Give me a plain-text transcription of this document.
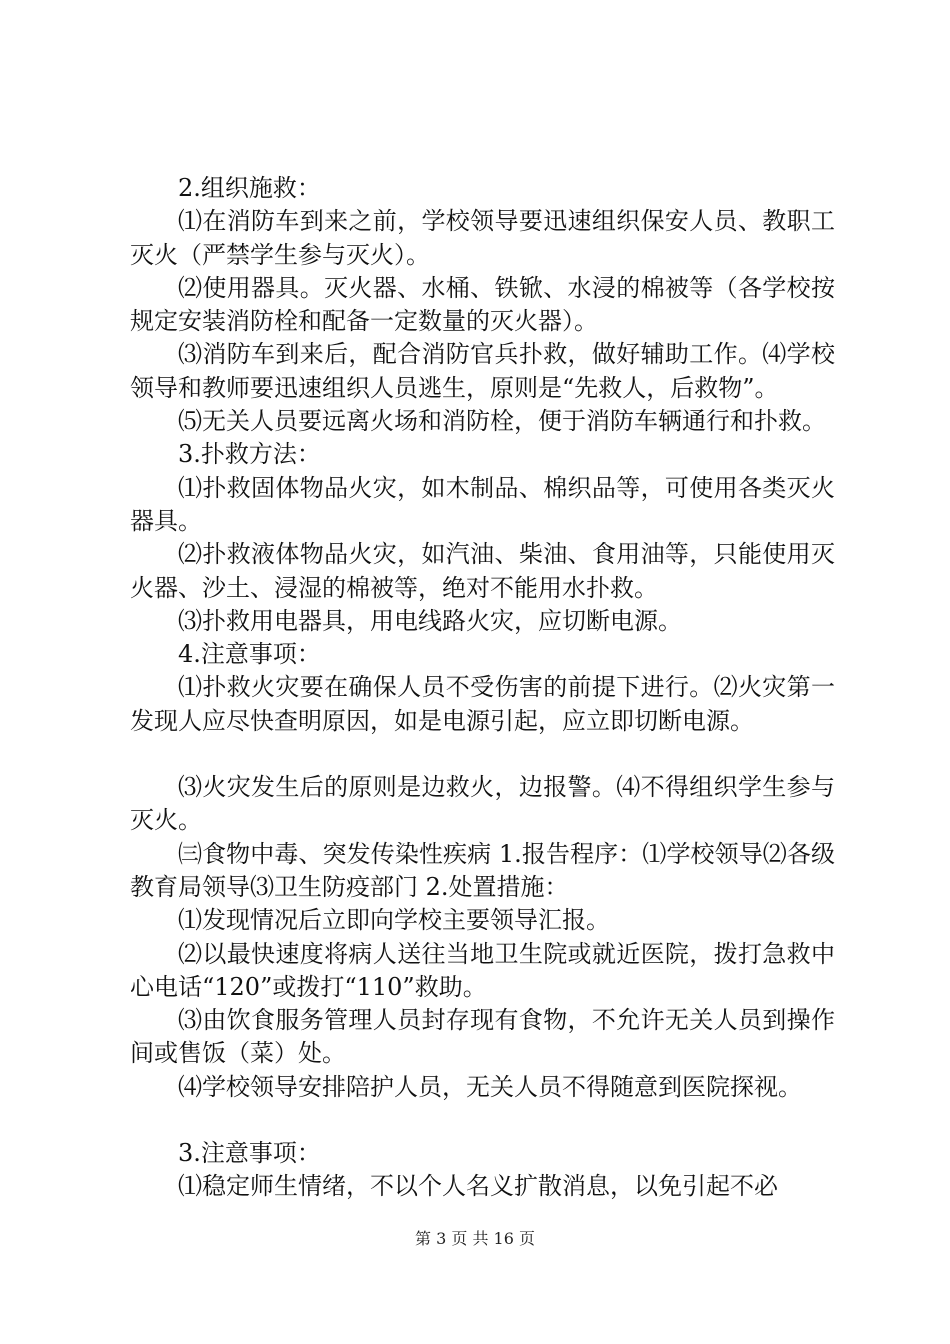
2.组织施救：

⑴在消防车到来之前，学校领导要迅速组织保安人员、教职工灭火（严禁学生参与灭火）。

⑵使用器具。灭火器、水桶、铁锨、水浸的棉被等（各学校按规定安装消防栓和配备一定数量的灭火器）。

⑶消防车到来后，配合消防官兵扑救，做好辅助工作。⑷学校领导和教师要迅速组织人员逃生，原则是“先救人，后救物”。

⑸无关人员要远离火场和消防栓，便于消防车辆通行和扑救。

3.扑救方法：

⑴扑救固体物品火灾，如木制品、棉织品等，可使用各类灭火器具。

⑵扑救液体物品火灾，如汽油、柴油、食用油等，只能使用灭火器、沙土、浸湿的棉被等，绝对不能用水扑救。

⑶扑救用电器具，用电线路火灾，应切断电源。

4.注意事项：

⑴扑救火灾要在确保人员不受伤害的前提下进行。⑵火灾第一发现人应尽快查明原因，如是电源引起，应立即切断电源。

⑶火灾发生后的原则是边救火，边报警。⑷不得组织学生参与灭火。

㈢食物中毒、突发传染性疾病 1.报告程序：⑴学校领导⑵各级教育局领导⑶卫生防疫部门 2.处置措施：

⑴发现情况后立即向学校主要领导汇报。

⑵以最快速度将病人送往当地卫生院或就近医院，拨打急救中心电话“120”或拨打“110”救助。

⑶由饮食服务管理人员封存现有食物，不允许无关人员到操作间或售饭（菜）处。

⑷学校领导安排陪护人员，无关人员不得随意到医院探视。

3.注意事项：

⑴稳定师生情绪，不以个人名义扩散消息，以免引起不必

第 3 页 共 16 页
